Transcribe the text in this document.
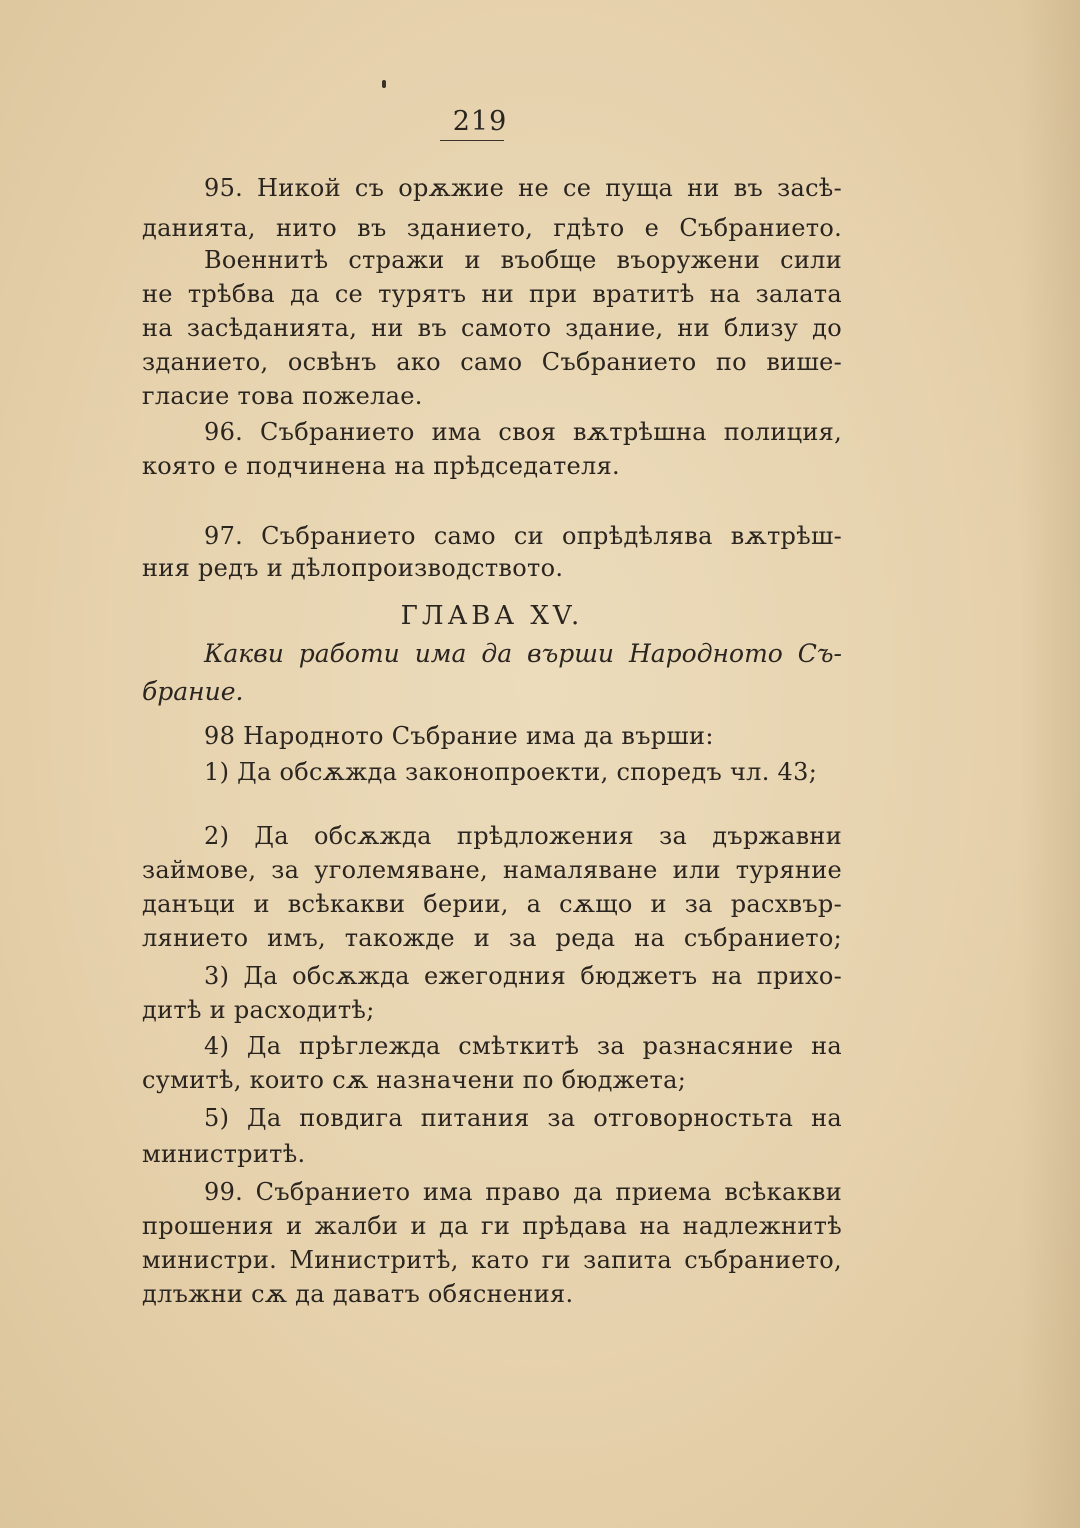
219
95. Никой съ орѫжие не се пуща ни въ засѣ-
данията, нито въ зданието, гдѣто е Събранието.
Военнитѣ стражи и въобще въоружени сили
не трѣбва да се турятъ ни при вратитѣ на залата
на засѣданията, ни въ самото здание, ни близу до
зданието, освѣнъ ако само Събранието по више-
гласие това пожелае.
96. Събранието има своя вѫтрѣшна полиция,
която е подчинена на прѣдседателя.
97. Събранието само си опрѣдѣлява вѫтрѣш-
ния редъ и дѣлопроизводството.
ГЛАВА XV.
Какви работи има да върши Народното Съ-
брание.
98 Народното Събрание има да върши:
1) Да обсѫжда законопроекти, споредъ чл. 43;
2) Да обсѫжда прѣдложения за държавни
займове, за уголемяване, намаляване или туряние
данъци и всѣкакви берии, а сѫщо и за расхвър-
лянието имъ, такожде и за реда на събранието;
3) Да обсѫжда ежегодния бюджетъ на прихо-
дитѣ и расходитѣ;
4) Да прѣглежда смѣткитѣ за разнасяние на
сумитѣ, които сѫ назначени по бюджета;
5) Да повдига питания за отговорностьта на
министритѣ.
99. Събранието има право да приема всѣкакви
прошения и жалби и да ги прѣдава на надлежнитѣ
министри. Министритѣ, като ги запита събранието,
длъжни сѫ да даватъ обяснения.
